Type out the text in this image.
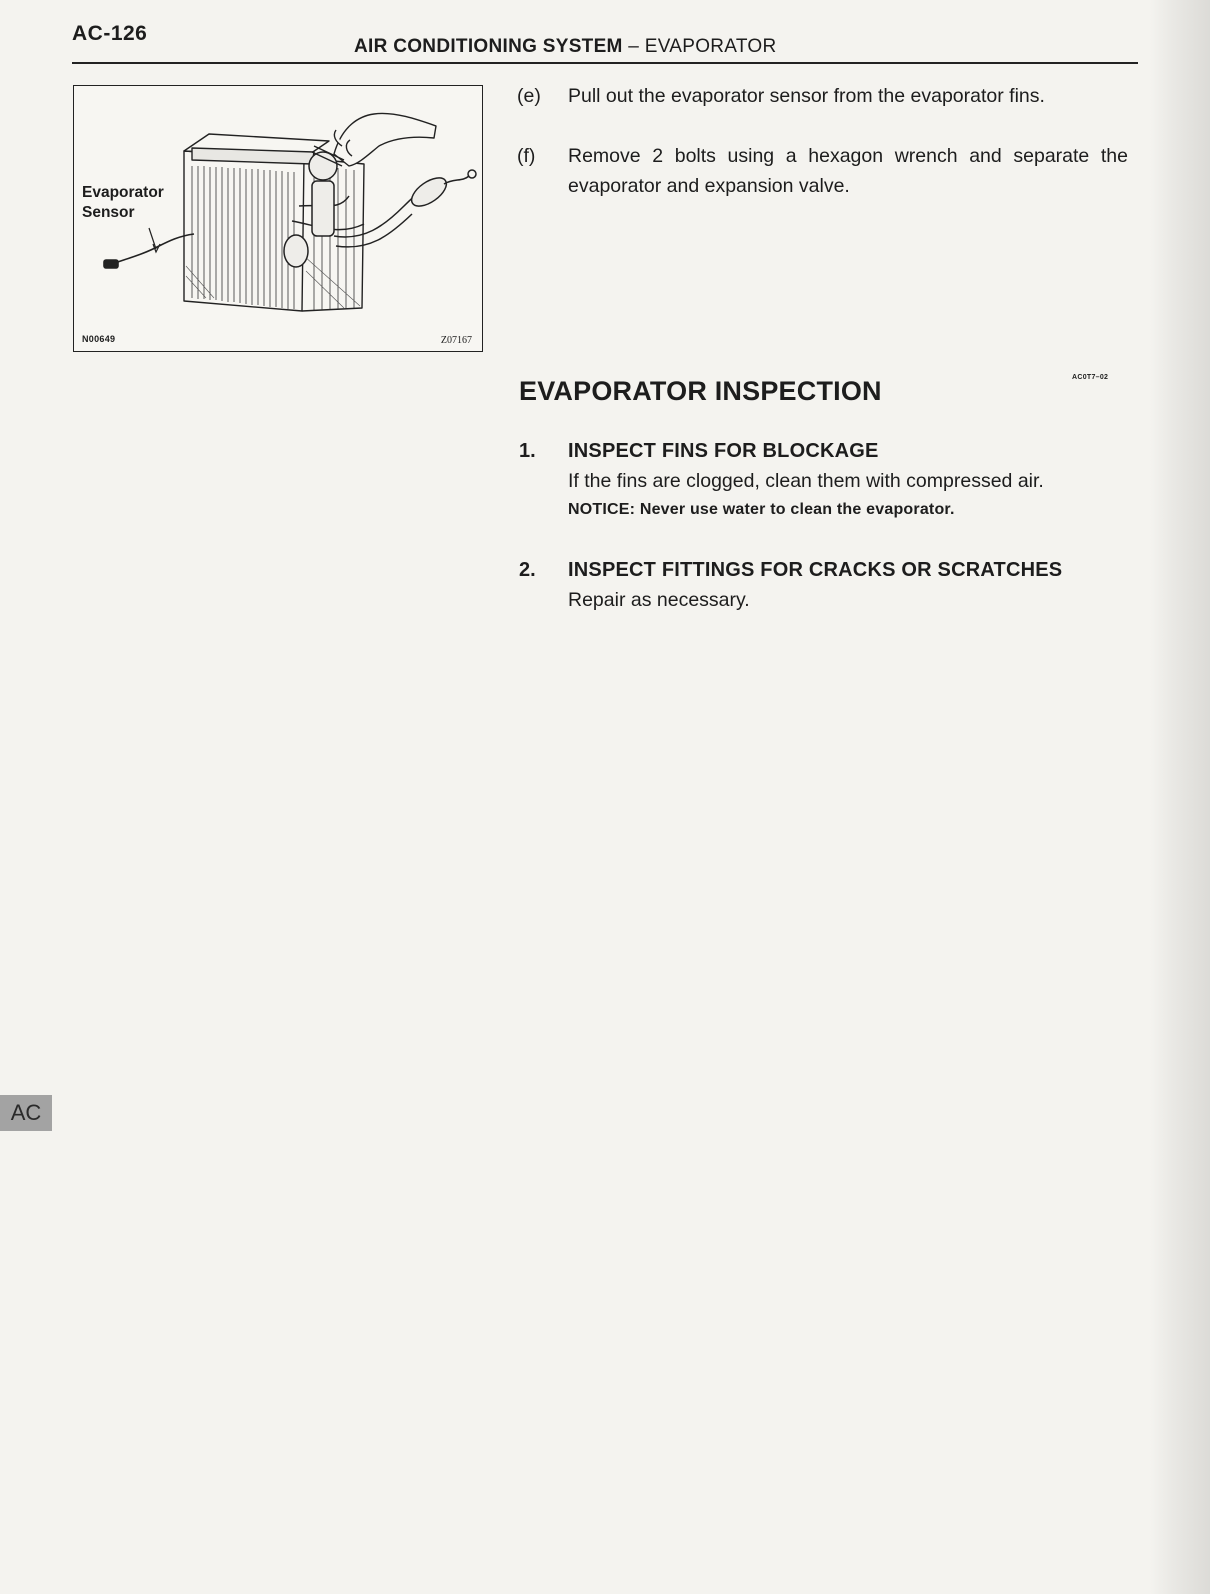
AC-126
AIR CONDITIONING SYSTEM – EVAPORATOR
Evaporator
Sensor
N00649	Z07167
(e) Pull out the evaporator sensor from the evaporator fins.
(f) Remove 2 bolts using a hexagon wrench and separate the evaporator and expansion valve.
AC0T7–02
EVAPORATOR INSPECTION
1. INSPECT FINS FOR BLOCKAGE
If the fins are clogged, clean them with compressed air.
NOTICE: Never use water to clean the evaporator.
2. INSPECT FITTINGS FOR CRACKS OR SCRATCHES
Repair as necessary.
AC
